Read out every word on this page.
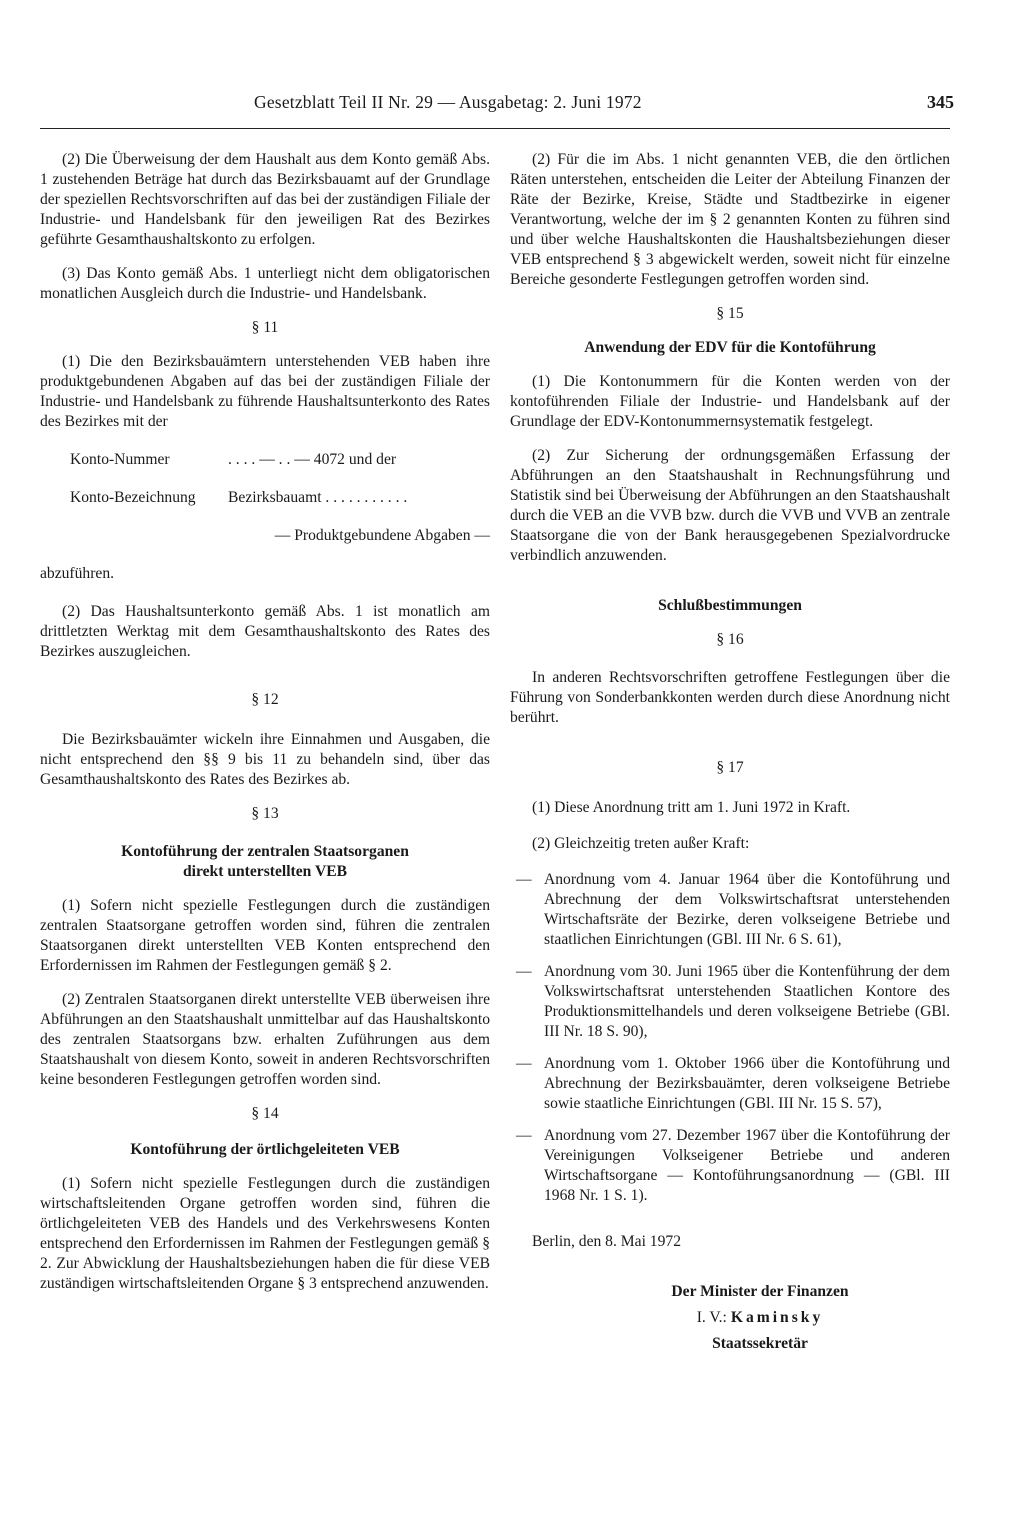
Gesetzblatt Teil II Nr. 29 — Ausgabetag: 2. Juni 1972	345

(2) Die Überweisung der dem Haushalt aus dem Konto gemäß Abs. 1 zustehenden Beträge hat durch das Bezirksbauamt auf der Grundlage der speziellen Rechtsvorschriften auf das bei der zuständigen Filiale der Industrie- und Handelsbank für den jeweiligen Rat des Bezirkes geführte Gesamthaushaltskonto zu erfolgen.

(3) Das Konto gemäß Abs. 1 unterliegt nicht dem obligatorischen monatlichen Ausgleich durch die Industrie- und Handelsbank.

§ 11

(1) Die den Bezirksbauämtern unterstehenden VEB haben ihre produktgebundenen Abgaben auf das bei der zuständigen Filiale der Industrie- und Handelsbank zu führende Haushaltsunterkonto des Rates des Bezirkes mit der

Konto-Nummer	. . . . — . . — 4072 und der
Konto-Bezeichnung Bezirksbauamt . . . . . . . . . . .
— Produktgebundene Abgaben —

abzuführen.

(2) Das Haushaltsunterkonto gemäß Abs. 1 ist monatlich am drittletzten Werktag mit dem Gesamthaushaltskonto des Rates des Bezirkes auszugleichen.

§ 12

Die Bezirksbauämter wickeln ihre Einnahmen und Ausgaben, die nicht entsprechend den §§ 9 bis 11 zu behandeln sind, über das Gesamthaushaltskonto des Rates des Bezirkes ab.

§ 13

Kontoführung der zentralen Staatsorganen direkt unterstellten VEB

(1) Sofern nicht spezielle Festlegungen durch die zuständigen zentralen Staatsorgane getroffen worden sind, führen die zentralen Staatsorganen direkt unterstellten VEB Konten entsprechend den Erfordernissen im Rahmen der Festlegungen gemäß § 2.

(2) Zentralen Staatsorganen direkt unterstellte VEB überweisen ihre Abführungen an den Staatshaushalt unmittelbar auf das Haushaltskonto des zentralen Staatsorgans bzw. erhalten Zuführungen aus dem Staatshaushalt von diesem Konto, soweit in anderen Rechtsvorschriften keine besonderen Festlegungen getroffen worden sind.

§ 14

Kontoführung der örtlichgeleiteten VEB

(1) Sofern nicht spezielle Festlegungen durch die zuständigen wirtschaftsleitenden Organe getroffen worden sind, führen die örtlichgeleiteten VEB des Handels und des Verkehrswesens Konten entsprechend den Erfordernissen im Rahmen der Festlegungen gemäß § 2. Zur Abwicklung der Haushaltsbeziehungen haben die für diese VEB zuständigen wirtschaftsleitenden Organe § 3 entsprechend anzuwenden.

(2) Für die im Abs. 1 nicht genannten VEB, die den örtlichen Räten unterstehen, entscheiden die Leiter der Abteilung Finanzen der Räte der Bezirke, Kreise, Städte und Stadtbezirke in eigener Verantwortung, welche der im § 2 genannten Konten zu führen sind und über welche Haushaltskonten die Haushaltsbeziehungen dieser VEB entsprechend § 3 abgewickelt werden, soweit nicht für einzelne Bereiche gesonderte Festlegungen getroffen worden sind.

§ 15

Anwendung der EDV für die Kontoführung

(1) Die Kontonummern für die Konten werden von der kontoführenden Filiale der Industrie- und Handelsbank auf der Grundlage der EDV-Kontonummernsystematik festgelegt.

(2) Zur Sicherung der ordnungsgemäßen Erfassung der Abführungen an den Staatshaushalt in Rechnungsführung und Statistik sind bei Überweisung der Abführungen an den Staatshaushalt durch die VEB an die VVB bzw. durch die VVB und VVB an zentrale Staatsorgane die von der Bank herausgegebenen Spezialvordrucke verbindlich anzuwenden.

Schlußbestimmungen

§ 16

In anderen Rechtsvorschriften getroffene Festlegungen über die Führung von Sonderbankkonten werden durch diese Anordnung nicht berührt.

§ 17

(1) Diese Anordnung tritt am 1. Juni 1972 in Kraft.

(2) Gleichzeitig treten außer Kraft:

— Anordnung vom 4. Januar 1964 über die Kontoführung und Abrechnung der dem Volkswirtschaftsrat unterstehenden Wirtschaftsräte der Bezirke, deren volkseigene Betriebe und staatlichen Einrichtungen (GBl. III Nr. 6 S. 61),
— Anordnung vom 30. Juni 1965 über die Kontenführung der dem Volkswirtschaftsrat unterstehenden Staatlichen Kontore des Produktionsmittelhandels und deren volkseigene Betriebe (GBl. III Nr. 18 S. 90),
— Anordnung vom 1. Oktober 1966 über die Kontoführung und Abrechnung der Bezirksbauämter, deren volkseigene Betriebe sowie staatliche Einrichtungen (GBl. III Nr. 15 S. 57),
— Anordnung vom 27. Dezember 1967 über die Kontoführung der Vereinigungen Volkseigener Betriebe und anderen Wirtschaftsorgane — Kontoführungsanordnung — (GBl. III 1968 Nr. 1 S. 1).

Berlin, den 8. Mai 1972

Der Minister der Finanzen

I. V.: Kaminsky

Staatssekretär
